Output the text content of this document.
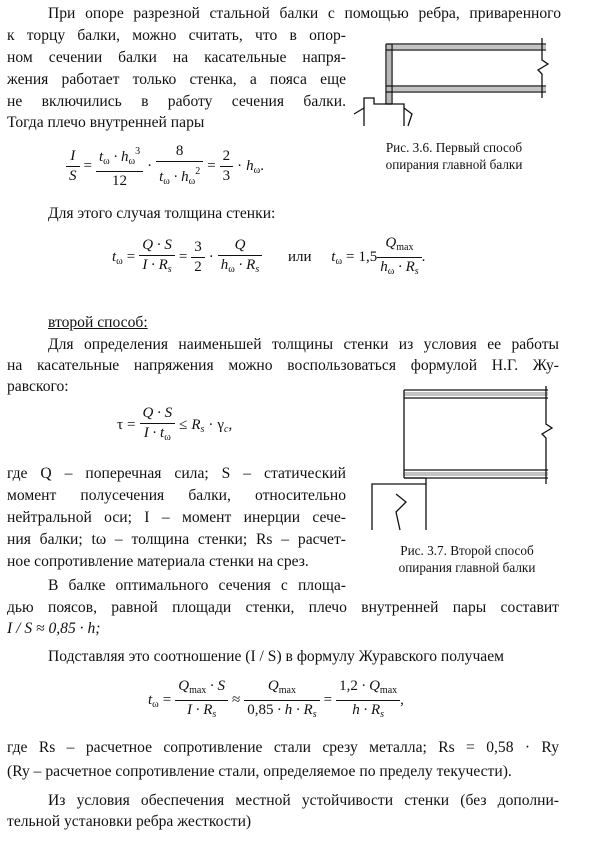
При опоре разрезной стальной балки с помощью ребра, приваренного
к торцу балки, можно считать, что в опор-
ном сечении балки на касательные напря-
жения работает только стенка, а пояса еще
не включились в работу сечения балки.
Тогда плечо внутренней пары
Рис. 3.6. Первый способ
опирания главной балки
$\frac{I}{S} = \frac{t_\omega \cdot h_\omega^3}{12} \cdot \frac{8}{t_\omega \cdot h_\omega^2} = \frac{2}{3} \cdot h_\omega$.
Для этого случая толщина стенки:
$t_\omega = \frac{Q \cdot S}{I \cdot R_s} = \frac{3}{2} \cdot \frac{Q}{h_\omega \cdot R_s}$ или $t_\omega = 1,5 \frac{Q_{max}}{h_\omega \cdot R_s}$ .
второй способ:
Для определения наименьшей толщины стенки из условия ее работы
на касательные напряжения можно воспользоваться формулой Н.Г. Жу-
равского:
Рис. 3.7. Второй способ
опирания главной балки
$\tau = \frac{Q \cdot S}{I \cdot t_\omega} \le R_s \cdot \gamma_c$,
где Q – поперечная сила; S – статический
момент полусечения балки, относительно
нейтральной оси; I – момент инерции сече-
ния балки; tω – толщина стенки; Rs – расчет-
ное сопротивление материала стенки на срез.
В балке оптимального сечения с площа-
дью поясов, равной площади стенки, плечо внутренней пары составит
I / S ≈ 0,85 · h;
Подставляя это соотношение (I / S) в формулу Журавского получаем
$t_\omega = \frac{Q_{max} \cdot S}{I \cdot R_s} \approx \frac{Q_{max}}{0,85 \cdot h \cdot R_s} = \frac{1,2 \cdot Q_{max}}{h \cdot R_s}$ ,
где Rs – расчетное сопротивление стали срезу металла; Rs = 0,58 · Ry
(Ry – расчетное сопротивление стали, определяемое по пределу текучести).
Из условия обеспечения местной устойчивости стенки (без дополни-
тельной установки ребра жесткости)
